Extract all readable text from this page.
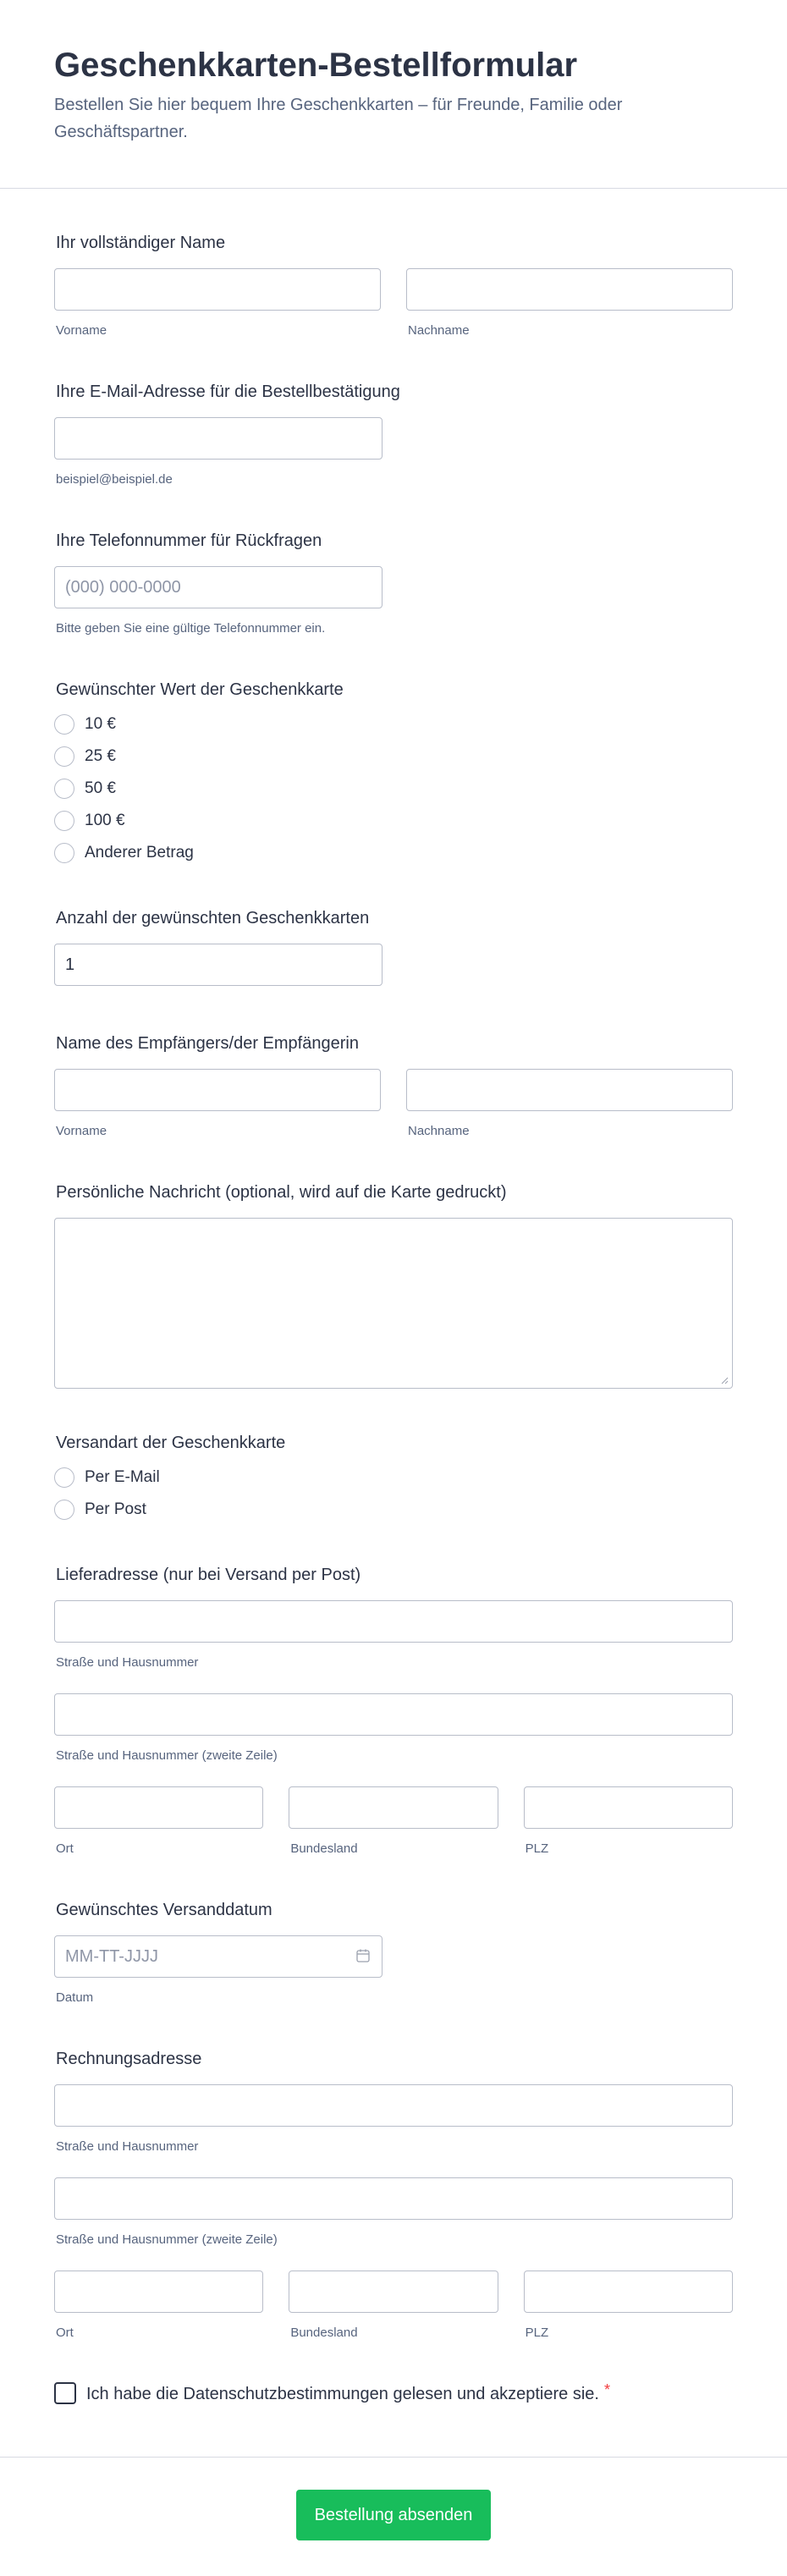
Geschenkkarten-Bestellformular

Bestellen Sie hier bequem Ihre Geschenkkarten – für Freunde, Familie oder Geschäftspartner.

Ihr vollständiger Name
Vorname	Nachname
Ihre E-Mail-Adresse für die Bestellbestätigung
beispiel@beispiel.de
Ihre Telefonnummer für Rückfragen
(000) 000-0000
Bitte geben Sie eine gültige Telefonnummer ein.
Gewünschter Wert der Geschenkkarte
10 €
25 €
50 €
100 €
Anderer Betrag
Anzahl der gewünschten Geschenkkarten
1
Name des Empfängers/der Empfängerin
Vorname	Nachname
Persönliche Nachricht (optional, wird auf die Karte gedruckt)
Versandart der Geschenkkarte
Per E-Mail
Per Post
Lieferadresse (nur bei Versand per Post)
Straße und Hausnummer
Straße und Hausnummer (zweite Zeile)
Ort	Bundesland	PLZ
Gewünschtes Versanddatum
MM-TT-JJJJ
Datum
Rechnungsadresse
Straße und Hausnummer
Straße und Hausnummer (zweite Zeile)
Ort	Bundesland	PLZ
Ich habe die Datenschutzbestimmungen gelesen und akzeptiere sie. *
Bestellung absenden
